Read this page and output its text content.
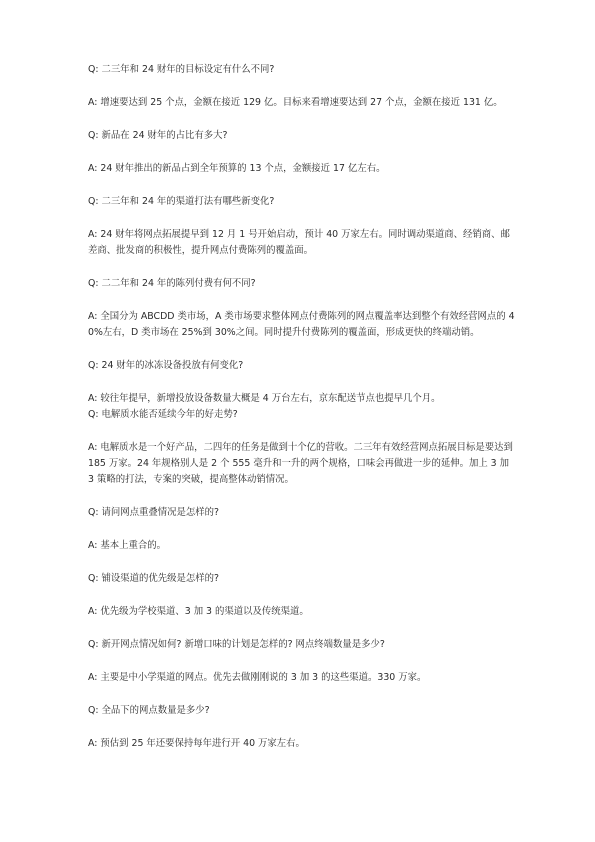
Q: 二三年和 24 财年的目标设定有什么不同?

A: 增速要达到 25 个点，金额在接近 129 亿。目标来看增速要达到 27 个点，金额在接近 131 亿。

Q: 新品在 24 财年的占比有多大?

A: 24 财年推出的新品占到全年预算的 13 个点，金额接近 17 亿左右。

Q: 二三年和 24 年的渠道打法有哪些新变化?

A: 24 财年将网点拓展提早到 12 月 1 号开始启动，预计 40 万家左右。同时调动渠道商、经销商、邮差商、批发商的积极性，提升网点付费陈列的覆盖面。

Q: 二二年和 24 年的陈列付费有何不同?

A: 全国分为 ABCDD 类市场，A 类市场要求整体网点付费陈列的网点覆盖率达到整个有效经营网点的 40%左右，D 类市场在 25%到 30%之间。同时提升付费陈列的覆盖面，形成更快的终端动销。

Q: 24 财年的冰冻设备投放有何变化?

A: 较往年提早，新增投放设备数量大概是 4 万台左右，京东配送节点也提早几个月。

Q: 电解质水能否延续今年的好走势?

A: 电解质水是一个好产品，二四年的任务是做到十个亿的营收。二三年有效经营网点拓展目标是要达到 185 万家。24 年规格别人是 2 个 555 毫升和一升的两个规格，口味会再做进一步的延伸。加上 3 加 3 策略的打法，专案的突破，提高整体动销情况。

Q: 请问网点重叠情况是怎样的?

A: 基本上重合的。

Q: 铺设渠道的优先级是怎样的?

A: 优先级为学校渠道、3 加 3 的渠道以及传统渠道。

Q: 新开网点情况如何? 新增口味的计划是怎样的? 网点终端数量是多少?

A: 主要是中小学渠道的网点。优先去做刚刚说的 3 加 3 的这些渠道。330 万家。

Q: 全品下的网点数量是多少?

A: 预估到 25 年还要保持每年进行开 40 万家左右。
